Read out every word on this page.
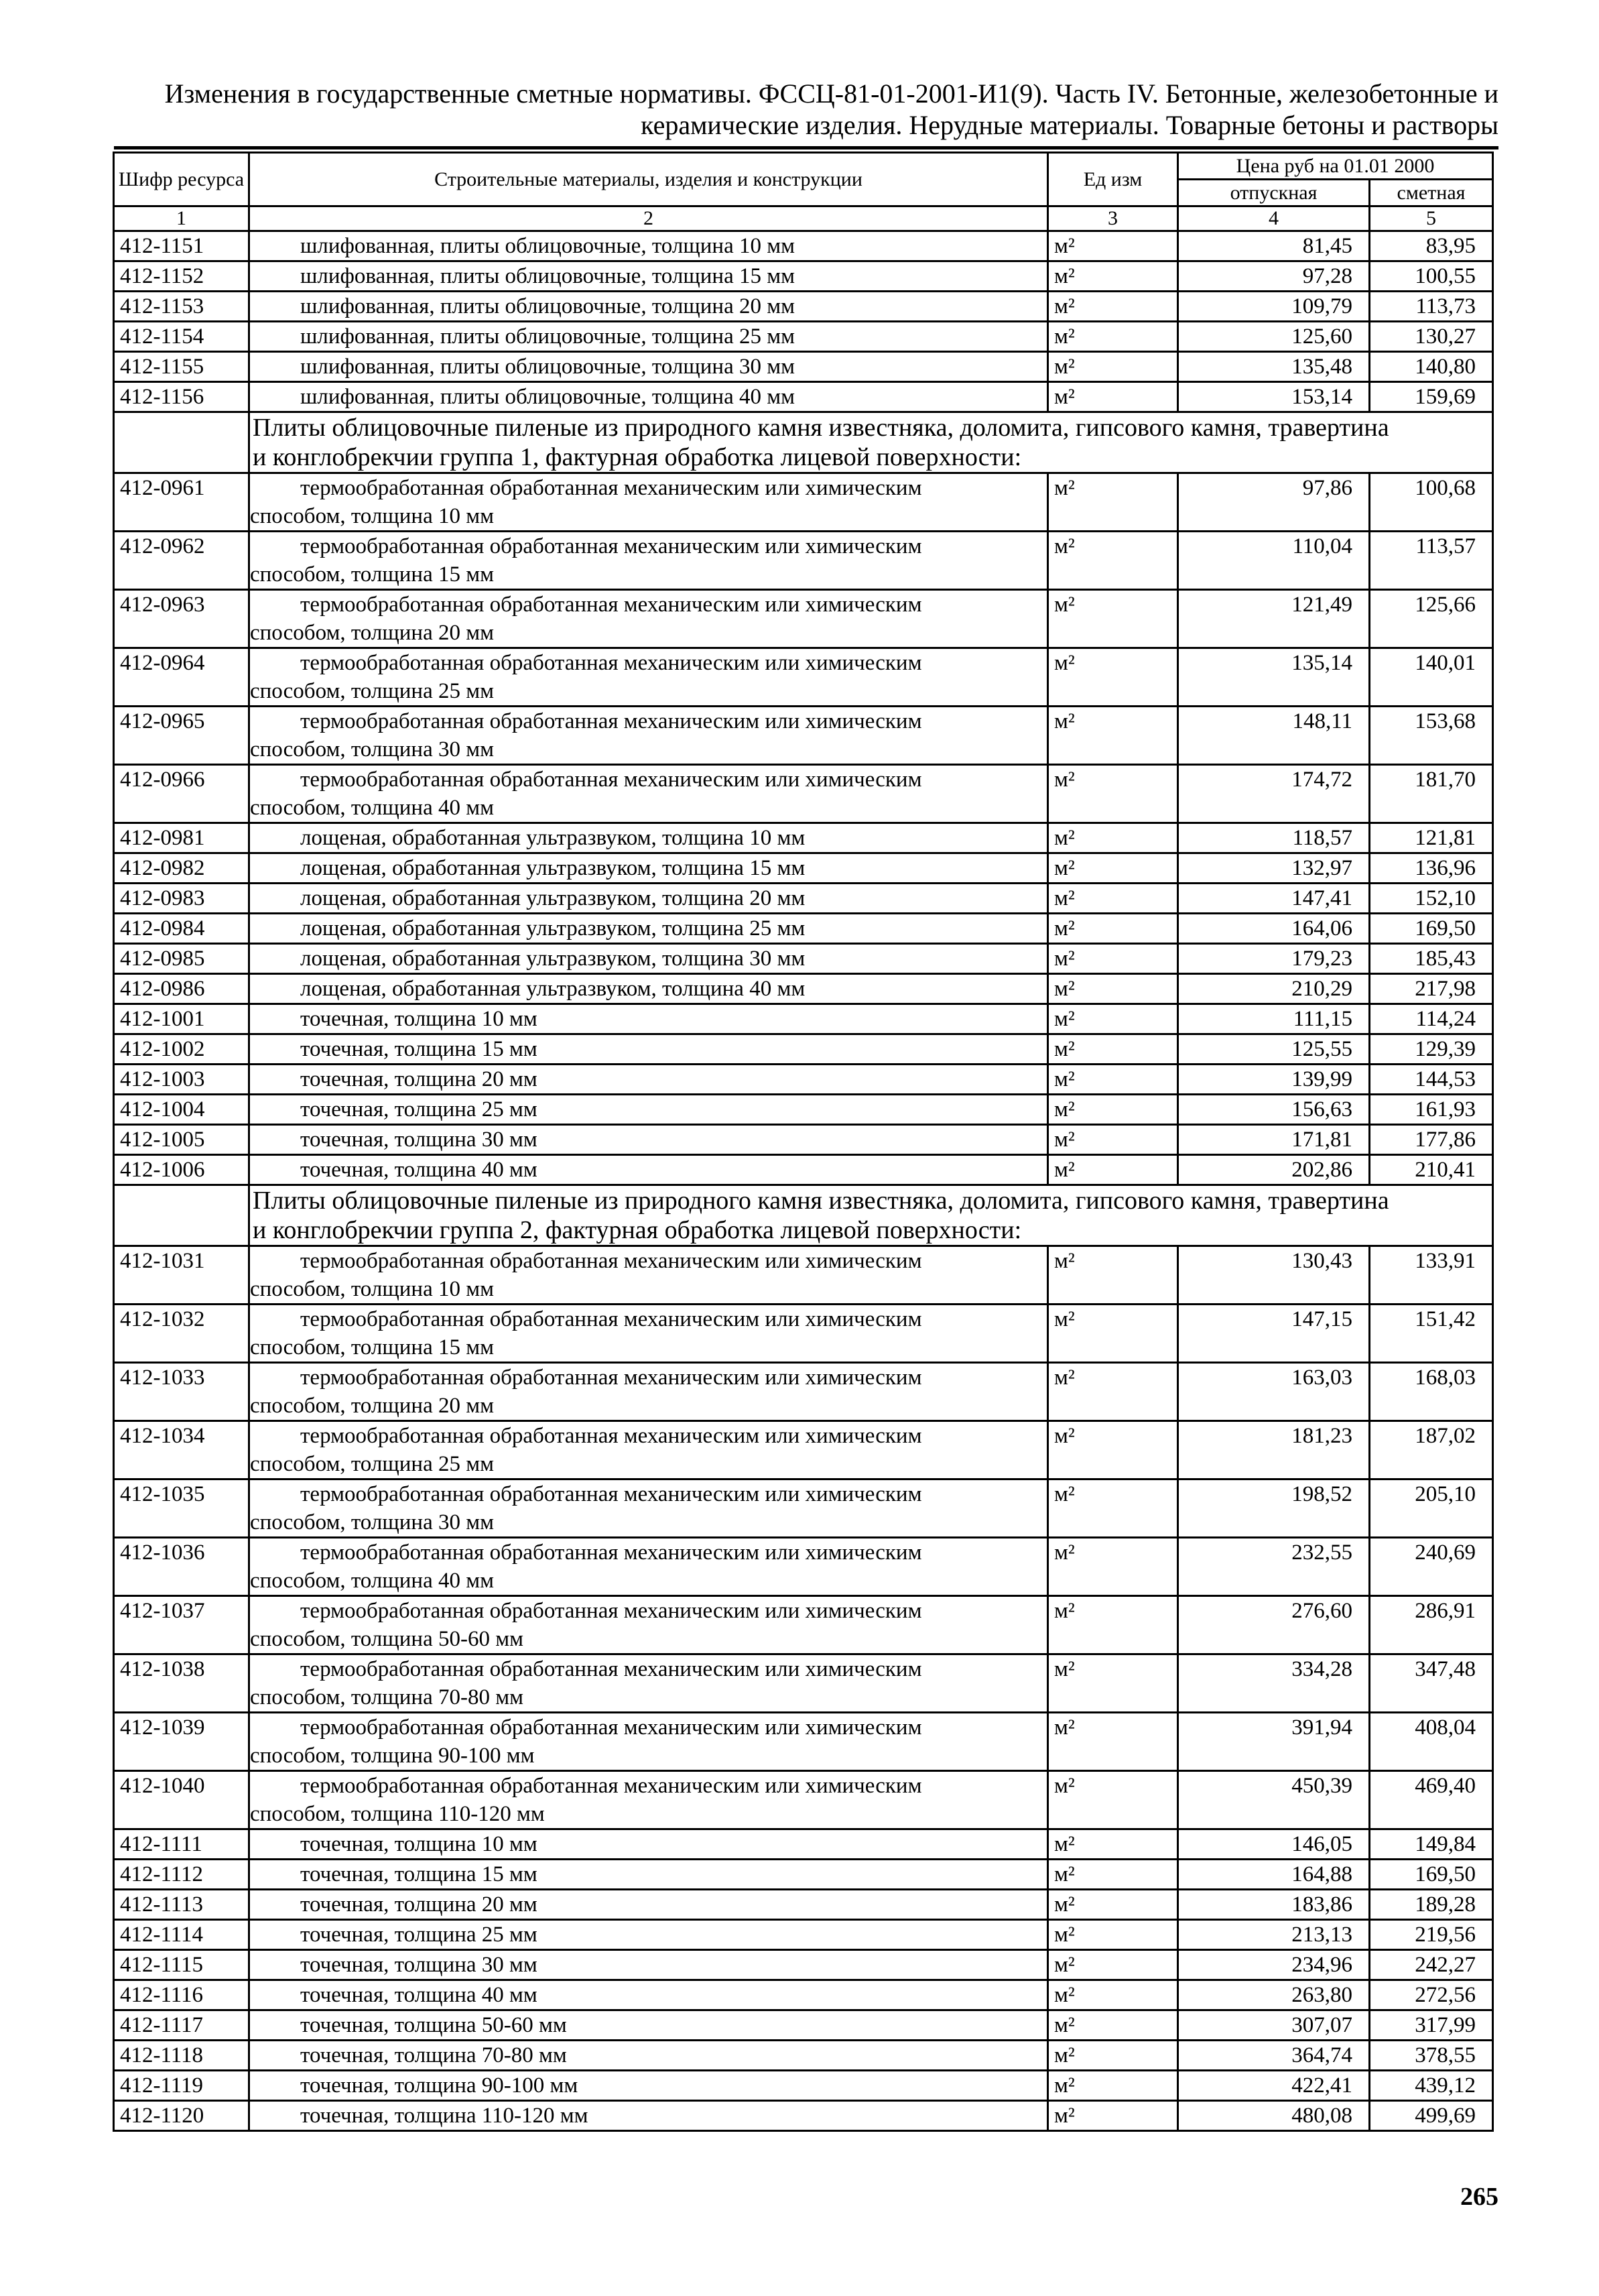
Изменения в государственные сметные нормативы. ФССЦ-81-01-2001-И1(9). Часть IV. Бетонные, железобетонные и
керамические изделия. Нерудные материалы. Товарные бетоны и растворы
Шифр ресурса	Строительные материалы, изделия и конструкции	Ед изм	Цена руб на 01.01 2000	
			отпускная	сметная
1	2	3	4	5
412-1151	шлифованная, плиты облицовочные, толщина 10 мм	м²	81,45	83,95
412-1152	шлифованная, плиты облицовочные, толщина 15 мм	м²	97,28	100,55
412-1153	шлифованная, плиты облицовочные, толщина 20 мм	м²	109,79	113,73
412-1154	шлифованная, плиты облицовочные, толщина 25 мм	м²	125,60	130,27
412-1155	шлифованная, плиты облицовочные, толщина 30 мм	м²	135,48	140,80
412-1156	шлифованная, плиты облицовочные, толщина 40 мм	м²	153,14	159,69

	Плиты облицовочные пиленые из природного камня известняка, доломита, гипсового камня, травертина
и конглобрекчии группа 1, фактурная обработка лицевой поверхности:			

412-0961	термообработанная обработанная механическим или химическим
способом, толщина 10 мм	м²	97,86	100,68
412-0962	термообработанная обработанная механическим или химическим
способом, толщина 15 мм	м²	110,04	113,57
412-0963	термообработанная обработанная механическим или химическим
способом, толщина 20 мм	м²	121,49	125,66
412-0964	термообработанная обработанная механическим или химическим
способом, толщина 25 мм	м²	135,14	140,01
412-0965	термообработанная обработанная механическим или химическим
способом, толщина 30 мм	м²	148,11	153,68
412-0966	термообработанная обработанная механическим или химическим
способом, толщина 40 мм	м²	174,72	181,70
412-0981	лощеная, обработанная ультразвуком, толщина 10 мм	м²	118,57	121,81
412-0982	лощеная, обработанная ультразвуком, толщина 15 мм	м²	132,97	136,96
412-0983	лощеная, обработанная ультразвуком, толщина 20 мм	м²	147,41	152,10
412-0984	лощеная, обработанная ультразвуком, толщина 25 мм	м²	164,06	169,50
412-0985	лощеная, обработанная ультразвуком, толщина 30 мм	м²	179,23	185,43
412-0986	лощеная, обработанная ультразвуком, толщина 40 мм	м²	210,29	217,98
412-1001	точечная, толщина 10 мм	м²	111,15	114,24
412-1002	точечная, толщина 15 мм	м²	125,55	129,39
412-1003	точечная, толщина 20 мм	м²	139,99	144,53
412-1004	точечная, толщина 25 мм	м²	156,63	161,93
412-1005	точечная, толщина 30 мм	м²	171,81	177,86
412-1006	точечная, толщина 40 мм	м²	202,86	210,41

	Плиты облицовочные пиленые из природного камня известняка, доломита, гипсового камня, травертина
и конглобрекчии группа 2, фактурная обработка лицевой поверхности:			

412-1031	термообработанная обработанная механическим или химическим
способом, толщина 10 мм	м²	130,43	133,91
412-1032	термообработанная обработанная механическим или химическим
способом, толщина 15 мм	м²	147,15	151,42
412-1033	термообработанная обработанная механическим или химическим
способом, толщина 20 мм	м²	163,03	168,03
412-1034	термообработанная обработанная механическим или химическим
способом, толщина 25 мм	м²	181,23	187,02
412-1035	термообработанная обработанная механическим или химическим
способом, толщина 30 мм	м²	198,52	205,10
412-1036	термообработанная обработанная механическим или химическим
способом, толщина 40 мм	м²	232,55	240,69
412-1037	термообработанная обработанная механическим или химическим
способом, толщина 50-60 мм	м²	276,60	286,91
412-1038	термообработанная обработанная механическим или химическим
способом, толщина 70-80 мм	м²	334,28	347,48
412-1039	термообработанная обработанная механическим или химическим
способом, толщина 90-100 мм	м²	391,94	408,04
412-1040	термообработанная обработанная механическим или химическим
способом, толщина 110-120 мм	м²	450,39	469,40
412-1111	точечная, толщина 10 мм	м²	146,05	149,84
412-1112	точечная, толщина 15 мм	м²	164,88	169,50
412-1113	точечная, толщина 20 мм	м²	183,86	189,28
412-1114	точечная, толщина 25 мм	м²	213,13	219,56
412-1115	точечная, толщина 30 мм	м²	234,96	242,27
412-1116	точечная, толщина 40 мм	м²	263,80	272,56
412-1117	точечная, толщина 50-60 мм	м²	307,07	317,99
412-1118	точечная, толщина 70-80 мм	м²	364,74	378,55
412-1119	точечная, толщина 90-100 мм	м²	422,41	439,12
412-1120	точечная, толщина 110-120 мм	м²	480,08	499,69
265
